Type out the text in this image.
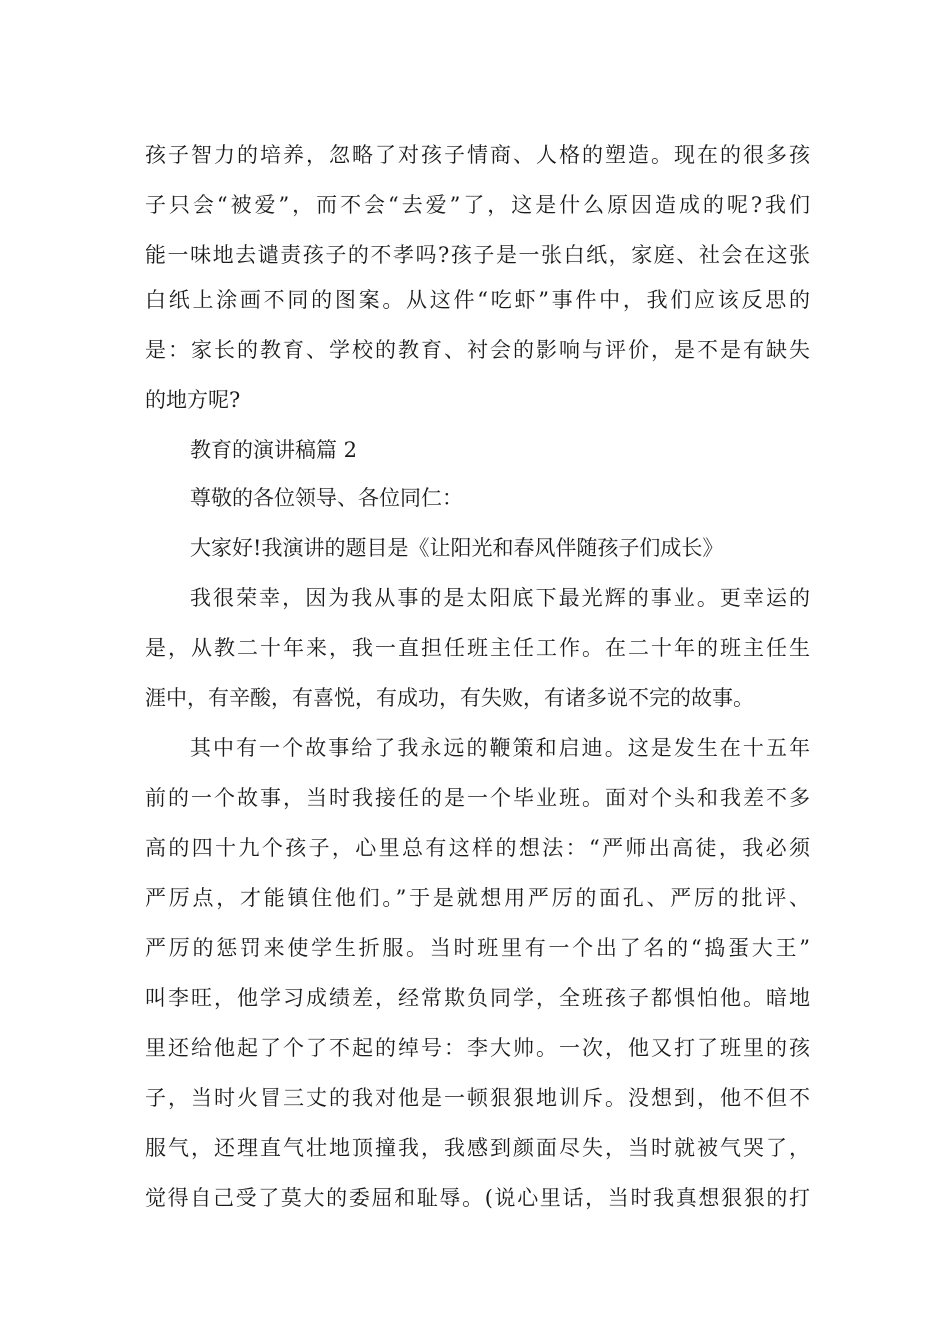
孩子智力的培养，忽略了对孩子情商、人格的塑造。现在的很多孩
子只会“被爱”，而不会“去爱”了，这是什么原因造成的呢?我们
能一味地去谴责孩子的不孝吗?孩子是一张白纸，家庭、社会在这张
白纸上涂画不同的图案。从这件“吃虾”事件中，我们应该反思的
是：家长的教育、学校的教育、衬会的影响与评价，是不是有缺失
的地方呢?
教育的演讲稿篇 2
尊敬的各位领导、各位同仁：
大家好!我演讲的题目是《让阳光和春风伴随孩子们成长》
我很荣幸，因为我从事的是太阳底下最光辉的事业。更幸运的
是，从教二十年来，我一直担任班主任工作。在二十年的班主任生
涯中，有辛酸，有喜悦，有成功，有失败，有诸多说不完的故事。
其中有一个故事给了我永远的鞭策和启迪。这是发生在十五年
前的一个故事，当时我接任的是一个毕业班。面对个头和我差不多
高的四十九个孩子，心里总有这样的想法：“严师出高徒，我必须
严厉点，才能镇住他们。”于是就想用严厉的面孔、严厉的批评、
严厉的惩罚来使学生折服。当时班里有一个出了名的“捣蛋大王”
叫李旺，他学习成绩差，经常欺负同学，全班孩子都惧怕他。暗地
里还给他起了个了不起的绰号：李大帅。一次，他又打了班里的孩
子，当时火冒三丈的我对他是一顿狠狠地训斥。没想到，他不但不
服气，还理直气壮地顶撞我，我感到颜面尽失，当时就被气哭了，
觉得自己受了莫大的委屈和耻辱。(说心里话，当时我真想狠狠的打
